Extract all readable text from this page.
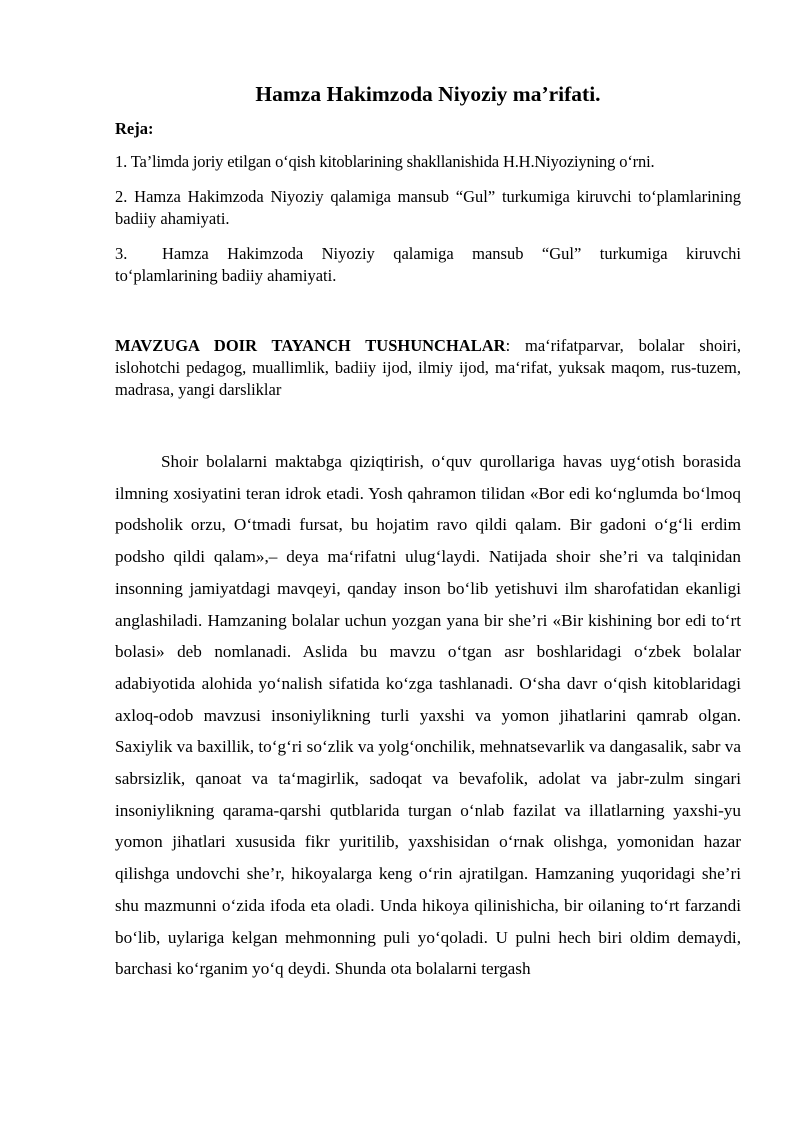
Hamza Hakimzoda Niyoziy ma’rifati.
Reja:
1. Ta’limda joriy etilgan o‘qish kitoblarining shakllanishida H.H.Niyoziyning o‘rni.
2. Hamza Hakimzoda Niyoziy qalamiga mansub “Gul” turkumiga kiruvchi to‘plamlarining badiiy ahamiyati.
3. Hamza Hakimzoda Niyoziy qalamiga mansub “Gul” turkumiga kiruvchi to‘plamlarining badiiy ahamiyati.
MAVZUGA DOIR TAYANCH TUSHUNCHALAR: ma‘rifatparvar, bolalar shoiri, islohotchi pedagog, muallimlik, badiiy ijod, ilmiy ijod, ma‘rifat, yuksak maqom, rus-tuzem, madrasa, yangi darsliklar
Shoir bolalarni maktabga qiziqtirish, o‘quv qurollariga havas uyg‘otish borasida ilmning xosiyatini teran idrok etadi. Yosh qahramon tilidan «Bor edi ko‘nglumda bo‘lmoq podsholik orzu, O‘tmadi fursat, bu hojatim ravo qildi qalam. Bir gadoni o‘g‘li erdim podsho qildi qalam»,– deya ma‘rifatni ulug‘laydi. Natijada shoir she’ri va talqinidan insonning jamiyatdagi mavqeyi, qanday inson bo‘lib yetishuvi ilm sharofatidan ekanligi anglashiladi. Hamzaning bolalar uchun yozgan yana bir she’ri «Bir kishining bor edi to‘rt bolasi» deb nomlanadi. Aslida bu mavzu o‘tgan asr boshlaridagi o‘zbek bolalar adabiyotida alohida yo‘nalish sifatida ko‘zga tashlanadi. O‘sha davr o‘qish kitoblaridagi axloq-odob mavzusi insoniylikning turli yaxshi va yomon jihatlarini qamrab olgan. Saxiylik va baxillik, to‘g‘ri so‘zlik va yolg‘onchilik, mehnatsevarlik va dangasalik, sabr va sabrsizlik, qanoat va ta‘magirlik, sadoqat va bevafolik, adolat va jabr-zulm singari insoniylikning qarama-qarshi qutblarida turgan o‘nlab fazilat va illatlarning yaxshi-yu yomon jihatlari xususida fikr yuritilib, yaxshisidan o‘rnak olishga, yomonidan hazar qilishga undovchi she’r, hikoyalarga keng o‘rin ajratilgan. Hamzaning yuqoridagi she’ri shu mazmunni o‘zida ifoda eta oladi. Unda hikoya qilinishicha, bir oilaning to‘rt farzandi bo‘lib, uylariga kelgan mehmonning puli yo‘qoladi. U pulni hech biri oldim demaydi, barchasi ko‘rganim yo‘q deydi. Shunda ota bolalarni tergash
